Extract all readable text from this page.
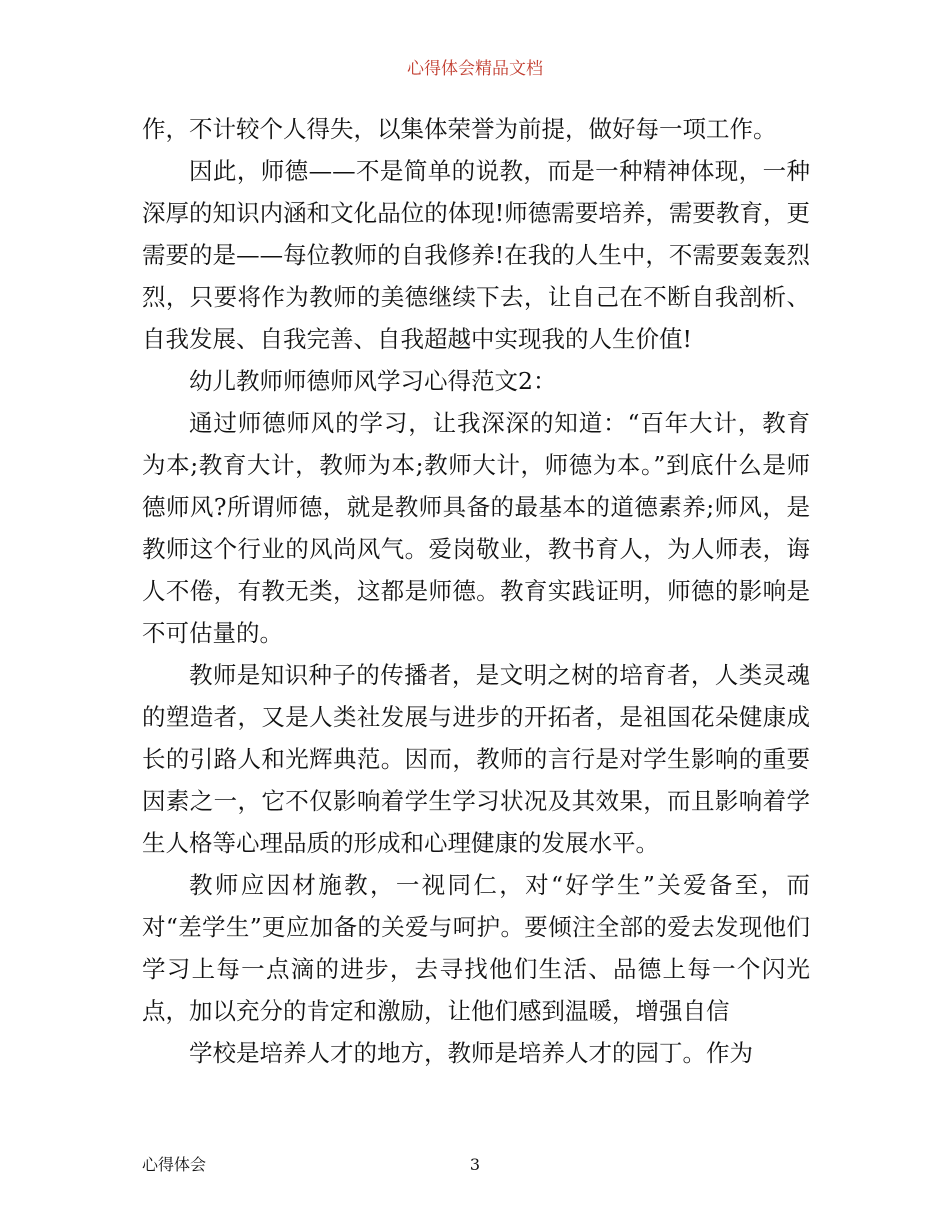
心得体会精品文档

作，不计较个人得失，以集体荣誉为前提，做好每一项工作。

因此，师德——不是简单的说教，而是一种精神体现，一种深厚的知识内涵和文化品位的体现!师德需要培养，需要教育，更需要的是——每位教师的自我修养!在我的人生中，不需要轰轰烈烈，只要将作为教师的美德继续下去，让自己在不断自我剖析、自我发展、自我完善、自我超越中实现我的人生价值!

幼儿教师师德师风学习心得范文2：

通过师德师风的学习，让我深深的知道：“百年大计，教育为本;教育大计，教师为本;教师大计，师德为本。”到底什么是师德师风?所谓师德，就是教师具备的最基本的道德素养;师风，是教师这个行业的风尚风气。爱岗敬业，教书育人，为人师表，诲人不倦，有教无类，这都是师德。教育实践证明，师德的影响是不可估量的。

教师是知识种子的传播者，是文明之树的培育者，人类灵魂的塑造者，又是人类社发展与进步的开拓者，是祖国花朵健康成长的引路人和光辉典范。因而，教师的言行是对学生影响的重要因素之一，它不仅影响着学生学习状况及其效果，而且影响着学生人格等心理品质的形成和心理健康的发展水平。

教师应因材施教，一视同仁，对“好学生”关爱备至，而对“差学生”更应加备的关爱与呵护。要倾注全部的爱去发现他们学习上每一点滴的进步，去寻找他们生活、品德上每一个闪光点，加以充分的肯定和激励，让他们感到温暖，增强自信

学校是培养人才的地方，教师是培养人才的园丁。作为

心得体会	3
